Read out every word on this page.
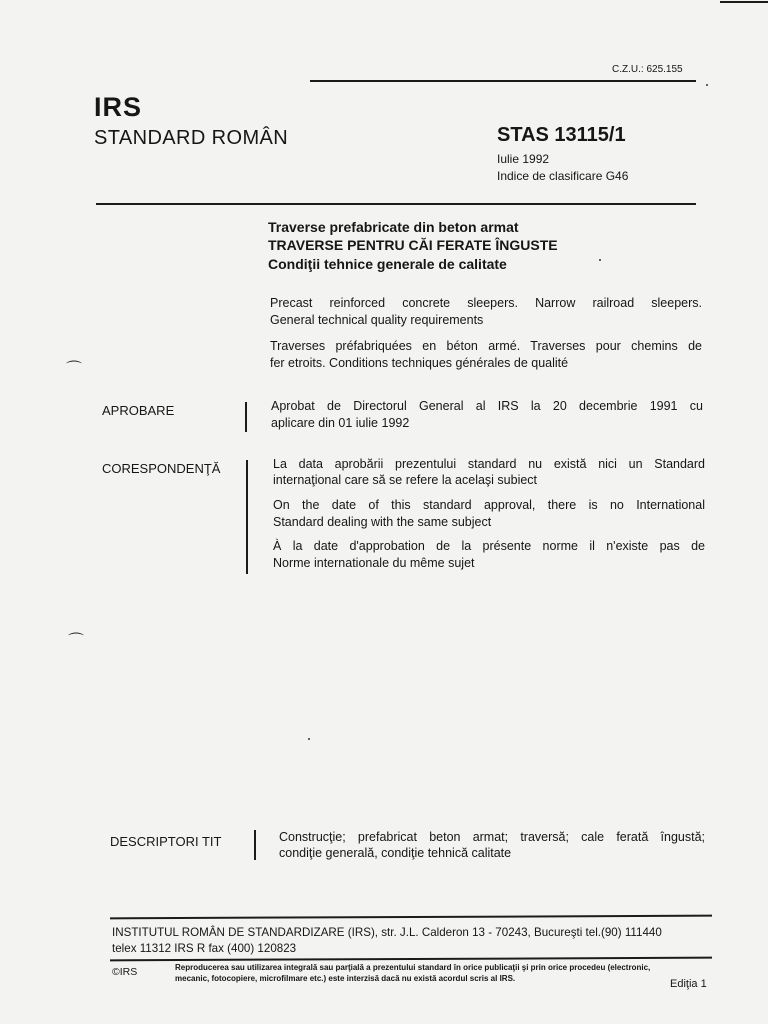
C.Z.U.: 625.155
IRS
STANDARD ROMÂN	STAS 13115/1
Iulie 1992
Indice de clasificare G46
Traverse prefabricate din beton armat
TRAVERSE PENTRU CĂI FERATE ÎNGUSTE
Condiţii tehnice generale de calitate
Precast reinforced concrete sleepers. Narrow railroad sleepers.
General technical quality requirements
Traverses préfabriquées en béton armé. Traverses pour chemins de
fer etroits. Conditions techniques générales de qualité
APROBARE	Aprobat de Directorul General al IRS la 20 decembrie 1991 cu
aplicare din 01 iulie 1992
CORESPONDENŢĂ	La data aprobării prezentului standard nu există nici un Standard
internaţional care să se refere la acelaşi subiect
On the date of this standard approval, there is no International
Standard dealing with the same subject
À la date d'approbation de la présente norme il n'existe pas de
Norme internationale du même sujet
DESCRIPTORI TIT	Construcţie; prefabricat beton armat; traversă; cale ferată îngustă;
condiţie generală, condiţie tehnică calitate
INSTITUTUL ROMÂN DE STANDARDIZARE (IRS), str. J.L. Calderon 13 - 70243, Bucureşti tel.(90) 111440
telex 11312 IRS R fax (400) 120823
©IRS	Reproducerea sau utilizarea integrală sau parţială a prezentului standard în orice publicaţii şi prin orice procedeu (electronic,
mecanic, fotocopiere, microfilmare etc.) este interzisă dacă nu există acordul scris al IRS.	Ediţia 1
⌒
⌒
